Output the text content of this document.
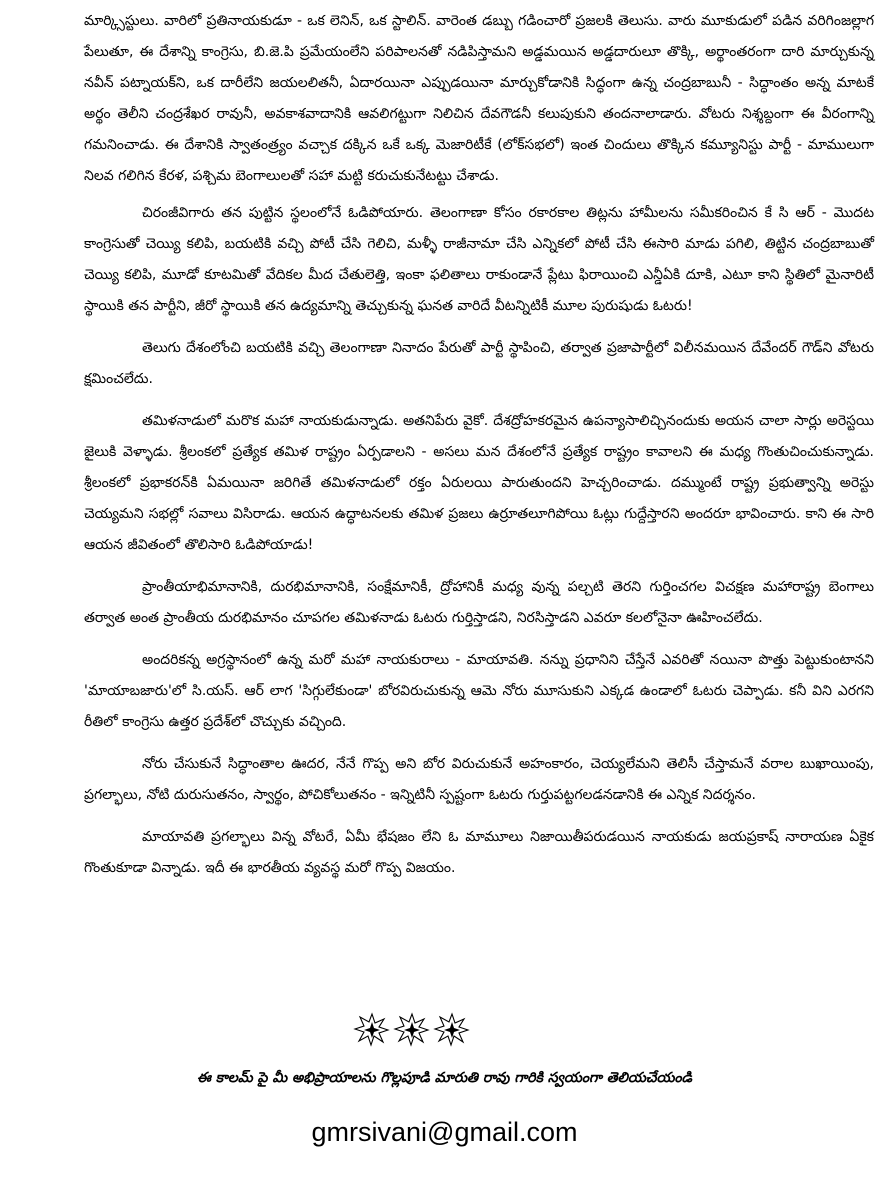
మార్క్సిస్టులు. వారిలో ప్రతినాయకుడూ - ఒక లెనిన్, ఒక స్టాలిన్. వారెంత డబ్బు గడించారో ప్రజలకి తెలుసు. వారు మూకుడులో పడిన వరిగింజల్లాగ పేలుతూ, ఈ దేశాన్ని కాంగ్రెసు, బి.జె.పి ప్రమేయంలేని పరిపాలనతో నడిపిస్తామని అడ్డమయిన అడ్డదారులూ తొక్కి, అర్థాంతరంగా దారి మార్చుకున్న నవీన్ పట్నాయక్‌ని, ఒక దారీలేని జయలలితనీ, ఏదారయినా ఎప్పుడయినా మార్చుకోడానికి సిద్ధంగా ఉన్న చంద్రబాబునీ - సిద్ధాంతం అన్న మాటకే అర్థం తెలీని చంద్రశేఖర రావునీ, అవకాశవాదానికి ఆవలిగట్టుగా నిలిచిన దేవగౌడనీ కలుపుకుని తందనాలాడారు. వోటరు నిశ్శబ్దంగా ఈ వీరంగాన్ని గమనించాడు. ఈ దేశానికి స్వాతంత్ర్యం వచ్చాక దక్కిన ఒకే ఒక్క మెజారిటీకే (లోక్‌సభలో) ఇంత చిందులు తొక్కిన కమ్యూనిస్టు పార్టీ - మాములుగా నిలవ గలిగిన కేరళ, పశ్చిమ బెంగాలులతో సహా మట్టి కరుచుకునేటట్టు చేశాడు.

చిరంజీవిగారు తన పుట్టిన స్థలంలోనే ఓడిపోయారు. తెలంగాణా కోసం రకారకాల తిట్లను హామీలను సమీకరించిన కే సి ఆర్ - మొదట కాంగ్రెసుతో చెయ్యి కలిపి, బయటికి వచ్చి పోటీ చేసి గెలిచి, మళ్ళీ రాజీనామా చేసి ఎన్నికలో పోటీ చేసి ఈసారి మాడు పగిలి, తిట్టిన చంద్రబాబుతో చెయ్యి కలిపి, మూడో కూటమితో వేదికల మీద చేతులెత్తి, ఇంకా ఫలితాలు రాకుండానే ప్లేటు ఫిరాయించి ఎన్డీఏకి దూకి, ఎటూ కాని స్థితిలో మైనారిటీ స్థాయికి తన పార్టీని, జీరో స్థాయికి తన ఉద్యమాన్ని తెచ్చుకున్న ఘనత వారిదే వీటన్నిటికీ మూల పురుషుడు ఓటరు!

తెలుగు దేశంలోంచి బయటికి వచ్చి తెలంగాణా నినాదం పేరుతో పార్టీ స్థాపించి, తర్వాత ప్రజాపార్టీలో విలీనమయిన దేవేందర్ గౌడ్‌ని వోటరు క్షమించలేదు.

తమిళనాడులో మరొక మహా నాయకుడున్నాడు. అతనిపేరు వైకో. దేశద్రోహకరమైన ఉపన్యాసాలిచ్చినందుకు అయన చాలా సార్లు అరెస్టయి జైలుకి వెళ్ళాడు. శ్రీలంకలో ప్రత్యేక తమిళ రాష్ట్రం ఏర్పడాలని - అసలు మన దేశంలోనే ప్రత్యేక రాష్ట్రం కావాలని ఈ మధ్య గొంతుచించుకున్నాడు. శ్రీలంకలో ప్రభాకరన్‌కి ఏమయినా జరిగితే తమిళనాడులో రక్తం ఏరులయి పారుతుందని హెచ్చరించాడు. దమ్ముంటే రాష్ట్ర ప్రభుత్వాన్ని అరెస్టు చెయ్యమని సభల్లో సవాలు విసిరాడు. ఆయన ఉద్ధాటనలకు తమిళ ప్రజలు ఉర్రూతలూగిపోయి ఓట్లు గుద్దేస్తారని అందరూ భావించారు. కాని ఈ సారి ఆయన జీవితంలో తొలిసారి ఓడిపోయాడు!

ప్రాంతీయాభిమానానికి, దురభిమానానికి, సంక్షేమానికీ, ద్రోహానికీ మధ్య వున్న పల్చటి తెరని గుర్తించగల విచక్షణ మహారాష్ట్ర బెంగాలు తర్వాత అంత ప్రాంతీయ దురభిమానం చూపగల తమిళనాడు ఓటరు గుర్తిస్తాడని, నిరసిస్తాడని ఎవరూ కలలోనైనా ఊహించలేదు.

అందరికన్న అగ్రస్థానంలో ఉన్న మరో మహా నాయకురాలు - మాయావతి. నన్ను ప్రధానిని చేస్తేనే ఎవరితో నయినా పొత్తు పెట్టుకుంటానని 'మాయాబజారు'లో సి.యస్. ఆర్ లాగ 'సిగ్గులేకుండా' బోరవిరుచుకున్న ఆమె నోరు మూసుకుని ఎక్కడ ఉండాలో ఓటరు చెప్పాడు. కనీ విని ఎరగని రీతిలో కాంగ్రెసు ఉత్తర ప్రదేశ్‌లో చొచ్చుకు వచ్చింది.

నోరు చేసుకునే సిద్ధాంతాల ఊదర, నేనే గొప్ప అని బోర విరుచుకునే అహంకారం, చెయ్యలేమని తెలిసీ చేస్తామనే వరాల బుఖాయింపు, ప్రగల్భాలు, నోటి దురుసుతనం, స్వార్థం, పోచికోలుతనం - ఇన్నిటినీ స్పష్టంగా ఓటరు గుర్తుపట్టగలడనడానికి ఈ ఎన్నిక నిదర్శనం.

మాయావతి ప్రగల్భాలు విన్న వోటరే, ఏమీ భేషజం లేని ఓ మామూలు నిజాయితీపరుడయిన నాయకుడు జయప్రకాష్ నారాయణ ఏకైక గొంతుకూడా విన్నాడు. ఇదీ ఈ భారతీయ వ్యవస్థ మరో గొప్ప విజయం.

ఈ కాలమ్ పై మీ అభిప్రాయాలను గొల్లపూడి మారుతి రావు గారికి స్వయంగా తెలియచేయండి
gmrsivani@gmail.com
